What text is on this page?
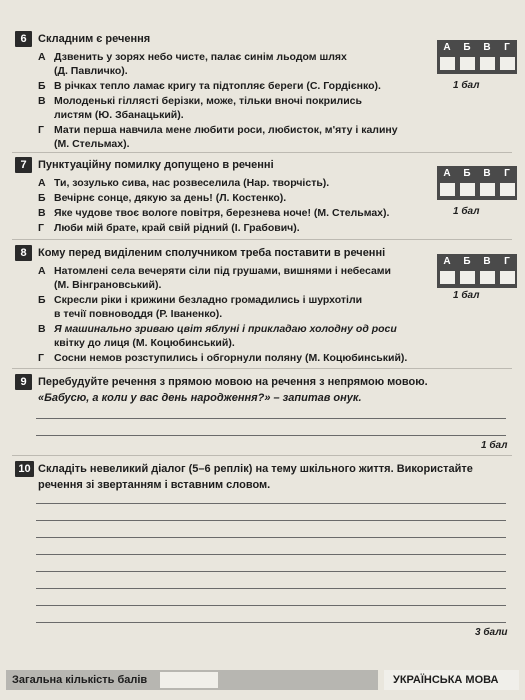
6	Складним є речення
А Дзвенить у зорях небо чисте, палає синім льодом шлях
(Д. Павличко).
Б В річках тепло ламає кригу та підтопляє береги (С. Гордієнко).
В Молоденькі гіллясті берізки, може, тільки вночі покрились
листям (Ю. Збанацький).
Г Мати перша навчила мене любити роси, любисток, м'яту і калину
(М. Стельмах).
А	Б	В	Г
1 бал
7	Пунктуаційну помилку допущено в реченні
А Ти, зозулько сива, нас розвеселила (Нар. творчість).
Б Вечірнє сонце, дякую за день! (Л. Костенко).
В Яке чудове твоє вологе повітря, березнева ноче! (М. Стельмах).
Г Люби мій брате, край свій рідний (І. Грабович).
А	Б	В	Г
1 бал
8	Кому перед виділеним сполучником треба поставити в реченні
А Натомлені села вечеряти сіли під грушами, вишнями і небесами
(М. Вінграновський).
Б Скресли ріки і крижини безладно громадились і шурхотіли
в течії повноводдя (Р. Іваненко).
В Я машинально зриваю цвіт яблуні і прикладаю холодну од роси
квітку до лиця (М. Коцюбинський).
Г Сосни немов розступились і обгорнули поляну (М. Коцюбинський).
А	Б	В	Г
1 бал
9	Перебудуйте речення з прямою мовою на речення з непрямою мовою.
«Бабусю, а коли у вас день народження?» – запитав онук.
1 бал
10 Складіть невеликий діалог (5–6 реплік) на тему шкільного життя. Використайте
речення зі звертанням і вставним словом.
3 бали
Загальна кількість балів	УКРАЇНСЬКА МОВА
